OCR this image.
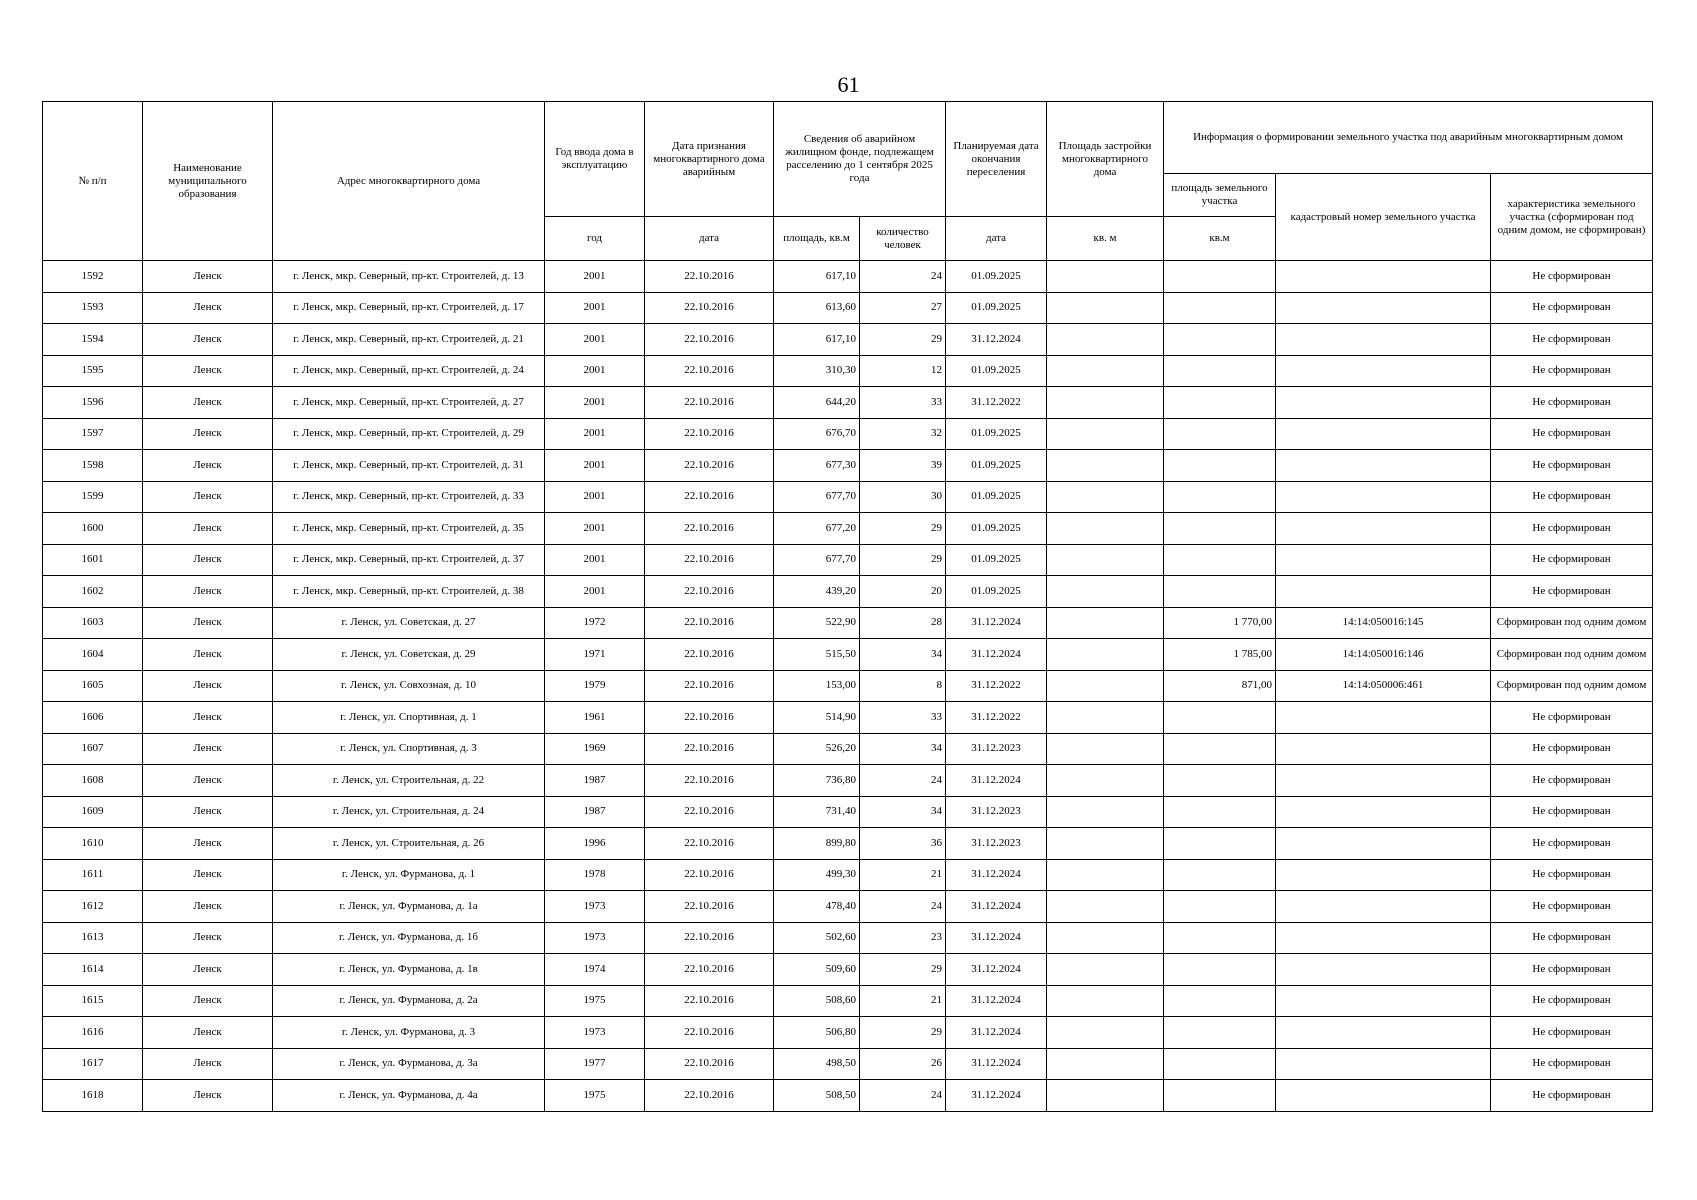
61
№ п/п	Наименование муниципального образования	Адрес многоквартирного дома	Год ввода дома в эксплуатацию	Дата признания многоквартирного дома аварийным	Сведения об аварийном жилищном фонде, подлежащем расселению до 1 сентября 2025 года		Планируемая дата окончания переселения	Площадь застройки многоквартирного дома	Информация о формировании земельного участка под аварийным многоквартирным домом		
									площадь земельного участка	кадастровый номер земельного участка	характеристика земельного участка (сформирован под одним домом, не сформирован)
			год	дата	площадь, кв.м	количество человек	дата	кв. м	кв.м		
1592	Ленск	г. Ленск, мкр. Северный, пр-кт. Строителей, д. 13	2001	22.10.2016	617,10	24	01.09.2025				Не сформирован
1593	Ленск	г. Ленск, мкр. Северный, пр-кт. Строителей, д. 17	2001	22.10.2016	613,60	27	01.09.2025				Не сформирован
1594	Ленск	г. Ленск, мкр. Северный, пр-кт. Строителей, д. 21	2001	22.10.2016	617,10	29	31.12.2024				Не сформирован
1595	Ленск	г. Ленск, мкр. Северный, пр-кт. Строителей, д. 24	2001	22.10.2016	310,30	12	01.09.2025				Не сформирован
1596	Ленск	г. Ленск, мкр. Северный, пр-кт. Строителей, д. 27	2001	22.10.2016	644,20	33	31.12.2022				Не сформирован
1597	Ленск	г. Ленск, мкр. Северный, пр-кт. Строителей, д. 29	2001	22.10.2016	676,70	32	01.09.2025				Не сформирован
1598	Ленск	г. Ленск, мкр. Северный, пр-кт. Строителей, д. 31	2001	22.10.2016	677,30	39	01.09.2025				Не сформирован
1599	Ленск	г. Ленск, мкр. Северный, пр-кт. Строителей, д. 33	2001	22.10.2016	677,70	30	01.09.2025				Не сформирован
1600	Ленск	г. Ленск, мкр. Северный, пр-кт. Строителей, д. 35	2001	22.10.2016	677,20	29	01.09.2025				Не сформирован
1601	Ленск	г. Ленск, мкр. Северный, пр-кт. Строителей, д. 37	2001	22.10.2016	677,70	29	01.09.2025				Не сформирован
1602	Ленск	г. Ленск, мкр. Северный, пр-кт. Строителей, д. 38	2001	22.10.2016	439,20	20	01.09.2025				Не сформирован
1603	Ленск	г. Ленск, ул. Советская, д. 27	1972	22.10.2016	522,90	28	31.12.2024		1 770,00	14:14:050016:145	Сформирован под одним домом
1604	Ленск	г. Ленск, ул. Советская, д. 29	1971	22.10.2016	515,50	34	31.12.2024		1 785,00	14:14:050016:146	Сформирован под одним домом
1605	Ленск	г. Ленск, ул. Совхозная, д. 10	1979	22.10.2016	153,00	8	31.12.2022		871,00	14:14:050006:461	Сформирован под одним домом
1606	Ленск	г. Ленск, ул. Спортивная, д. 1	1961	22.10.2016	514,90	33	31.12.2022				Не сформирован
1607	Ленск	г. Ленск, ул. Спортивная, д. 3	1969	22.10.2016	526,20	34	31.12.2023				Не сформирован
1608	Ленск	г. Ленск, ул. Строительная, д. 22	1987	22.10.2016	736,80	24	31.12.2024				Не сформирован
1609	Ленск	г. Ленск, ул. Строительная, д. 24	1987	22.10.2016	731,40	34	31.12.2023				Не сформирован
1610	Ленск	г. Ленск, ул. Строительная, д. 26	1996	22.10.2016	899,80	36	31.12.2023				Не сформирован
1611	Ленск	г. Ленск, ул. Фурманова, д. 1	1978	22.10.2016	499,30	21	31.12.2024				Не сформирован
1612	Ленск	г. Ленск, ул. Фурманова, д. 1а	1973	22.10.2016	478,40	24	31.12.2024				Не сформирован
1613	Ленск	г. Ленск, ул. Фурманова, д. 1б	1973	22.10.2016	502,60	23	31.12.2024				Не сформирован
1614	Ленск	г. Ленск, ул. Фурманова, д. 1в	1974	22.10.2016	509,60	29	31.12.2024				Не сформирован
1615	Ленск	г. Ленск, ул. Фурманова, д. 2а	1975	22.10.2016	508,60	21	31.12.2024				Не сформирован
1616	Ленск	г. Ленск, ул. Фурманова, д. 3	1973	22.10.2016	506,80	29	31.12.2024				Не сформирован
1617	Ленск	г. Ленск, ул. Фурманова, д. 3а	1977	22.10.2016	498,50	26	31.12.2024				Не сформирован
1618	Ленск	г. Ленск, ул. Фурманова, д. 4а	1975	22.10.2016	508,50	24	31.12.2024				Не сформирован
